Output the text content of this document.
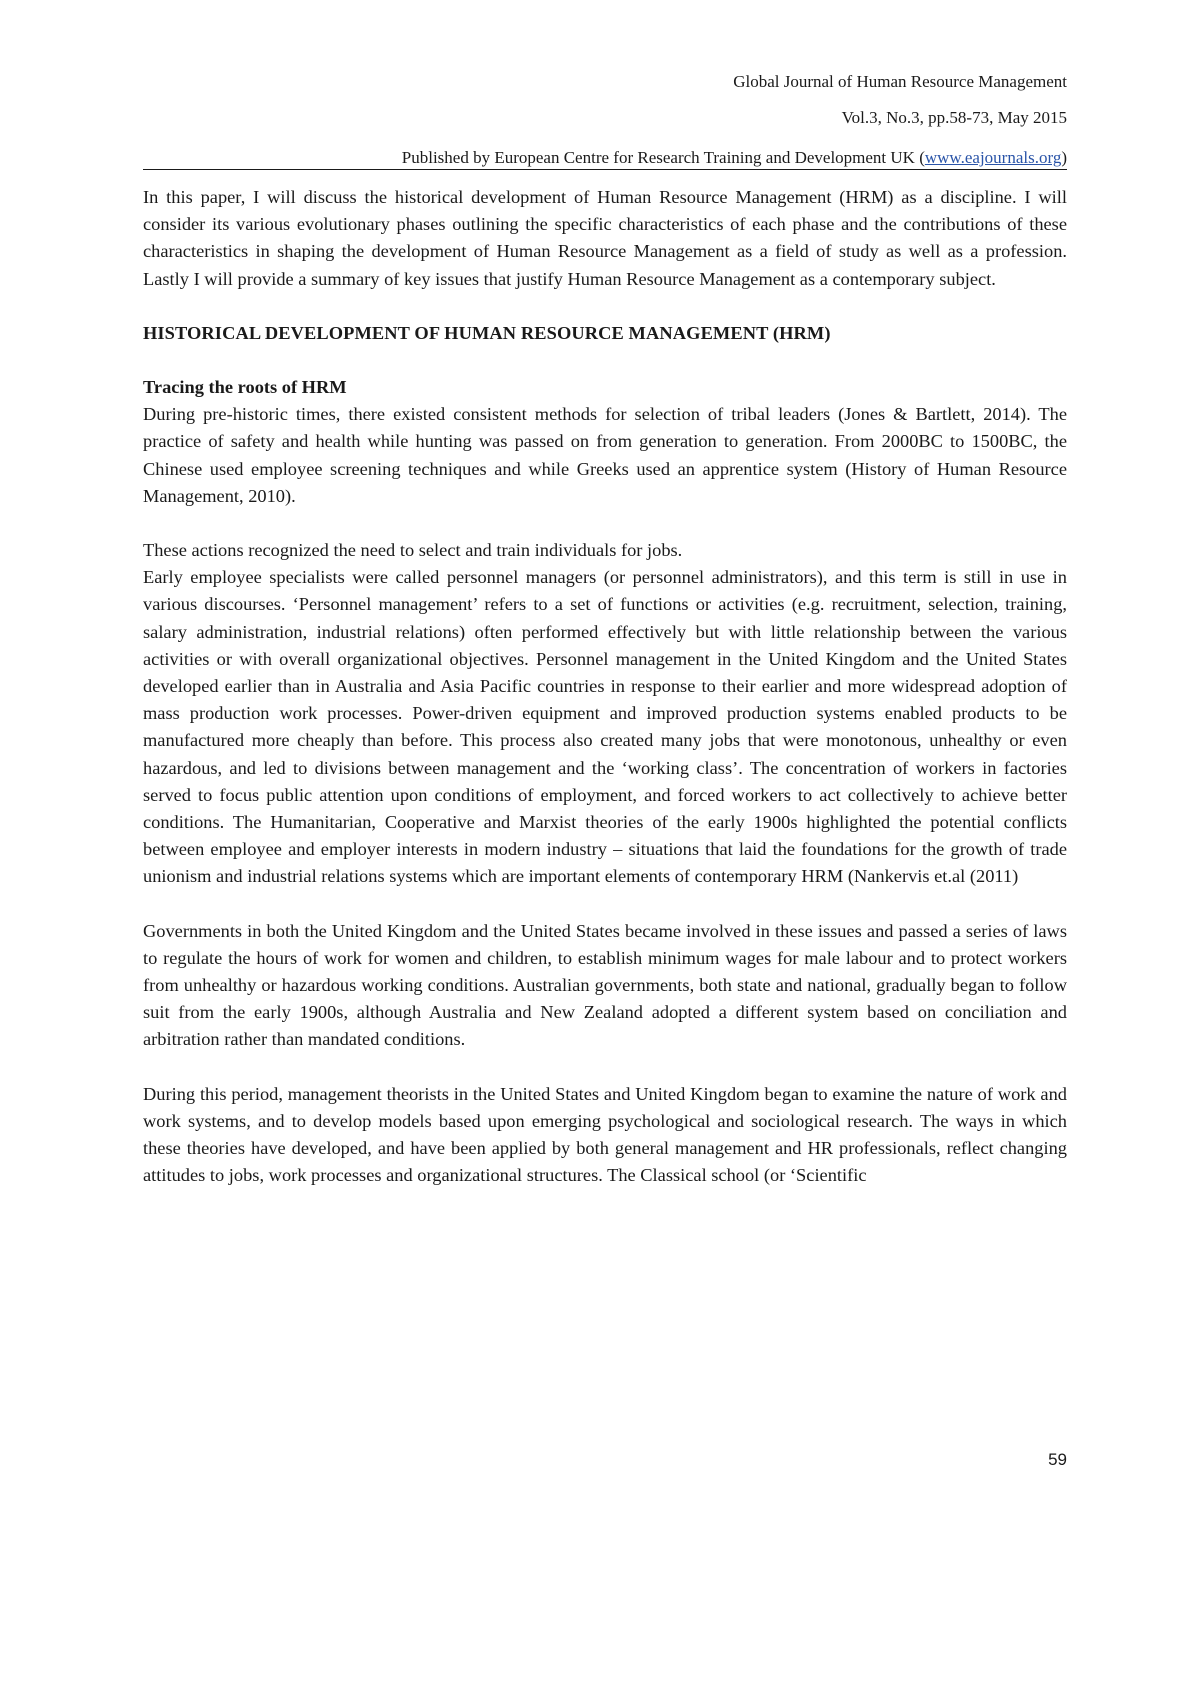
Global Journal of Human Resource Management
Vol.3, No.3, pp.58-73, May 2015
Published by European Centre for Research Training and Development UK (www.eajournals.org)

In this paper, I will discuss the historical development of Human Resource Management (HRM) as a discipline. I will consider its various evolutionary phases outlining the specific characteristics of each phase and the contributions of these characteristics in shaping the development of Human Resource Management as a field of study as well as a profession. Lastly I will provide a summary of key issues that justify Human Resource Management as a contemporary subject.

HISTORICAL DEVELOPMENT OF HUMAN RESOURCE MANAGEMENT (HRM)
Tracing the roots of HRM

During pre-historic times, there existed consistent methods for selection of tribal leaders (Jones & Bartlett, 2014). The practice of safety and health while hunting was passed on from generation to generation. From 2000BC to 1500BC, the Chinese used employee screening techniques and while Greeks used an apprentice system (History of Human Resource Management, 2010).

These actions recognized the need to select and train individuals for jobs.

Early employee specialists were called personnel managers (or personnel administrators), and this term is still in use in various discourses. ‘Personnel management’ refers to a set of functions or activities (e.g. recruitment, selection, training, salary administration, industrial relations) often performed effectively but with little relationship between the various activities or with overall organizational objectives. Personnel management in the United Kingdom and the United States developed earlier than in Australia and Asia Pacific countries in response to their earlier and more widespread adoption of mass production work processes. Power-driven equipment and improved production systems enabled products to be manufactured more cheaply than before. This process also created many jobs that were monotonous, unhealthy or even hazardous, and led to divisions between management and the ‘working class’. The concentration of workers in factories served to focus public attention upon conditions of employment, and forced workers to act collectively to achieve better conditions. The Humanitarian, Cooperative and Marxist theories of the early 1900s highlighted the potential conflicts between employee and employer interests in modern industry – situations that laid the foundations for the growth of trade unionism and industrial relations systems which are important elements of contemporary HRM (Nankervis et.al (2011)

Governments in both the United Kingdom and the United States became involved in these issues and passed a series of laws to regulate the hours of work for women and children, to establish minimum wages for male labour and to protect workers from unhealthy or hazardous working conditions. Australian governments, both state and national, gradually began to follow suit from the early 1900s, although Australia and New Zealand adopted a different system based on conciliation and arbitration rather than mandated conditions.

During this period, management theorists in the United States and United Kingdom began to examine the nature of work and work systems, and to develop models based upon emerging psychological and sociological research. The ways in which these theories have developed, and have been applied by both general management and HR professionals, reflect changing attitudes to jobs, work processes and organizational structures. The Classical school (or ‘Scientific

59
